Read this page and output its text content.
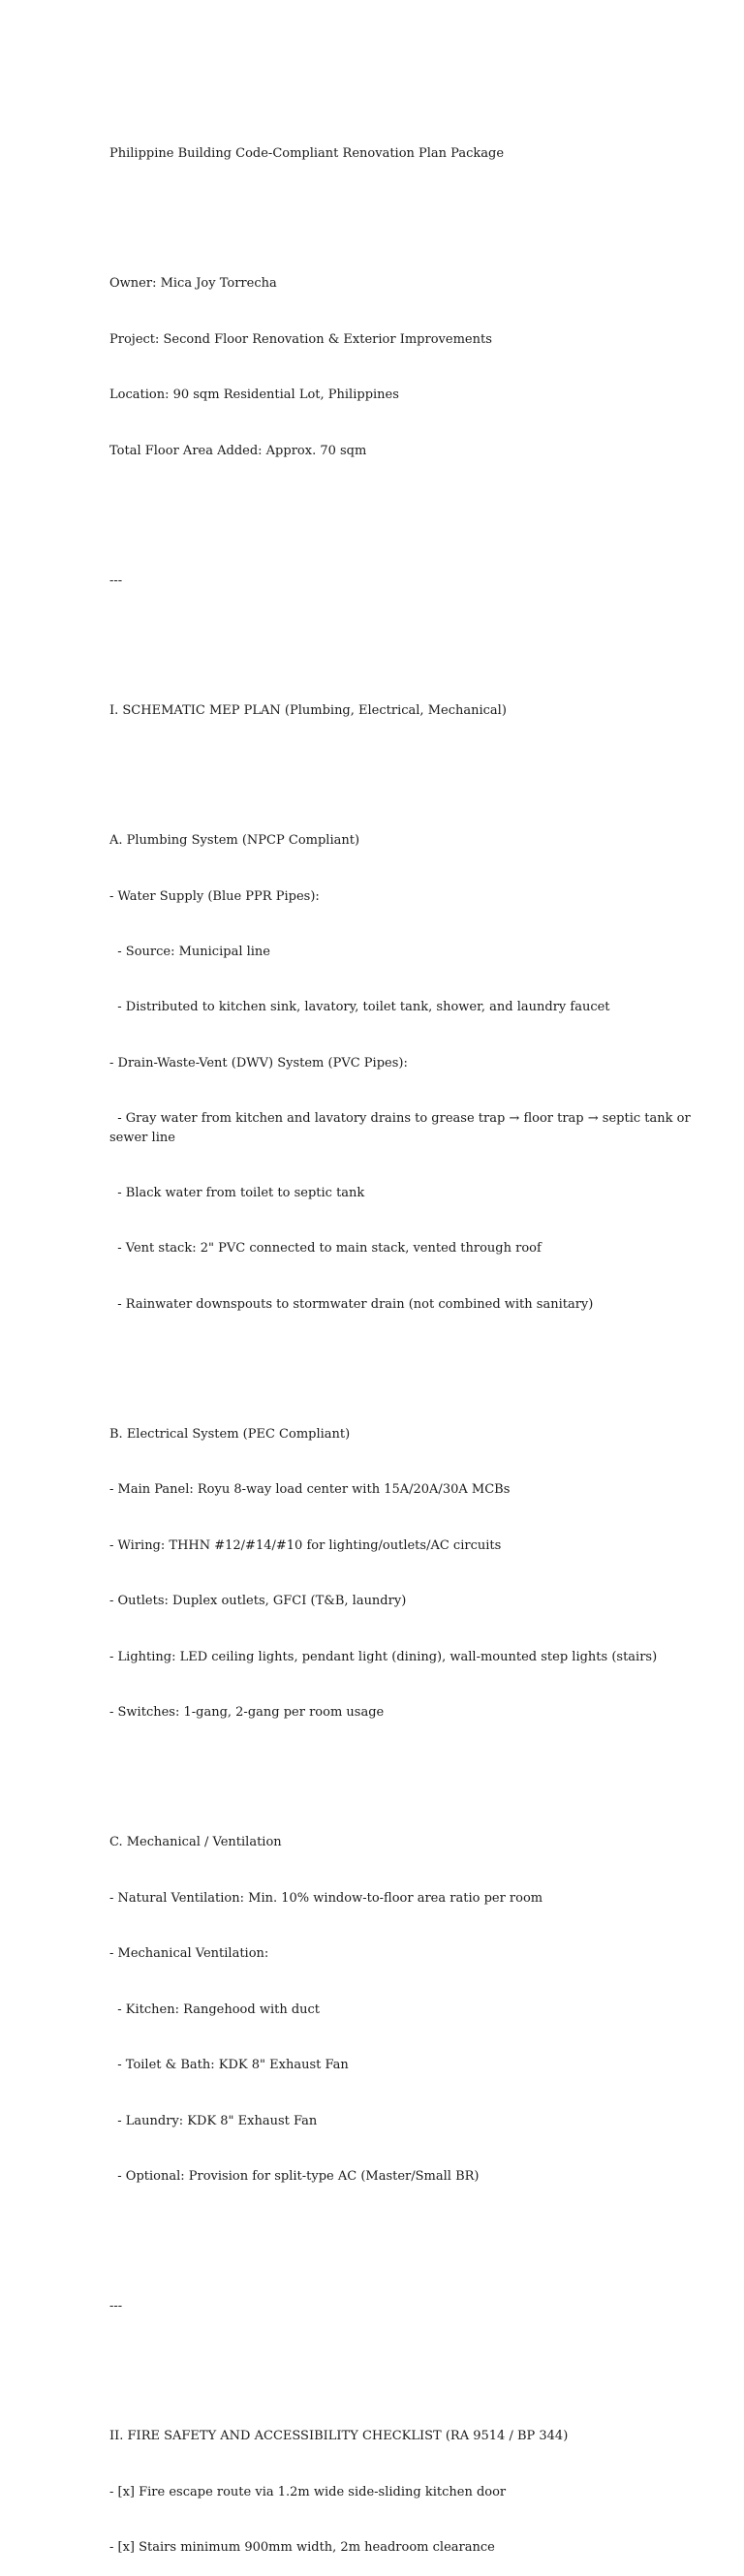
Philippine Building Code-Compliant Renovation Plan Package

Owner: Mica Joy Torrecha

Project: Second Floor Renovation & Exterior Improvements

Location: 90 sqm Residential Lot, Philippines

Total Floor Area Added: Approx. 70 sqm

---

I. SCHEMATIC MEP PLAN (Plumbing, Electrical, Mechanical)

A. Plumbing System (NPCP Compliant)

- Water Supply (Blue PPR Pipes):

- Source: Municipal line

- Distributed to kitchen sink, lavatory, toilet tank, shower, and laundry faucet

- Drain-Waste-Vent (DWV) System (PVC Pipes):

- Gray water from kitchen and lavatory drains to grease trap → floor trap → septic tank or sewer line

- Black water from toilet to septic tank

- Vent stack: 2" PVC connected to main stack, vented through roof

- Rainwater downspouts to stormwater drain (not combined with sanitary)

B. Electrical System (PEC Compliant)

- Main Panel: Royu 8-way load center with 15A/20A/30A MCBs

- Wiring: THHN #12/#14/#10 for lighting/outlets/AC circuits

- Outlets: Duplex outlets, GFCI (T&B, laundry)

- Lighting: LED ceiling lights, pendant light (dining), wall-mounted step lights (stairs)

- Switches: 1-gang, 2-gang per room usage

C. Mechanical / Ventilation

- Natural Ventilation: Min. 10% window-to-floor area ratio per room

- Mechanical Ventilation:

- Kitchen: Rangehood with duct

- Toilet & Bath: KDK 8" Exhaust Fan

- Laundry: KDK 8" Exhaust Fan

- Optional: Provision for split-type AC (Master/Small BR)

---

II. FIRE SAFETY AND ACCESSIBILITY CHECKLIST (RA 9514 / BP 344)

- [x] Fire escape route via 1.2m wide side-sliding kitchen door

- [x] Stairs minimum 900mm width, 2m headroom clearance
